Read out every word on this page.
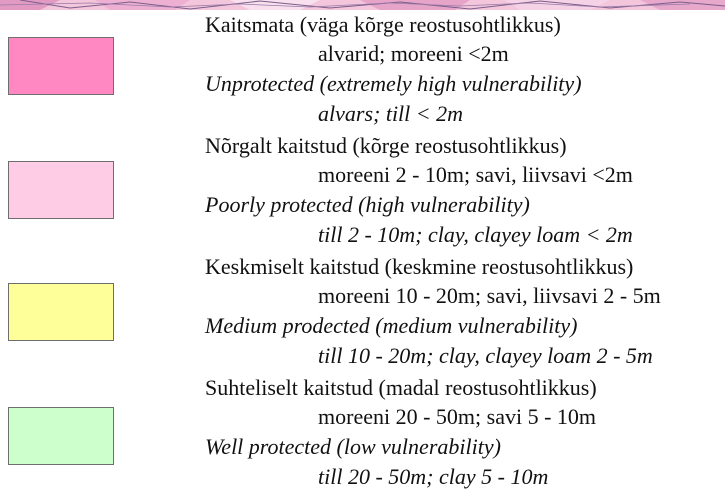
Kaitsmata (väga kõrge reostusohtlikkus)
alvarid; moreeni <2m
Unprotected (extremely high vulnerability)
alvars; till < 2m
Nõrgalt kaitstud (kõrge reostusohtlikkus)
moreeni 2 - 10m; savi, liivsavi <2m
Poorly protected (high vulnerability)
till 2 - 10m; clay, clayey loam < 2m
Keskmiselt kaitstud (keskmine reostusohtlikkus)
moreeni 10 - 20m; savi, liivsavi 2 - 5m
Medium prodected (medium vulnerability)
till 10 - 20m; clay, clayey loam 2 - 5m
Suhteliselt kaitstud (madal reostusohtlikkus)
moreeni 20 - 50m; savi 5 - 10m
Well protected (low vulnerability)
till 20 - 50m; clay 5 - 10m
